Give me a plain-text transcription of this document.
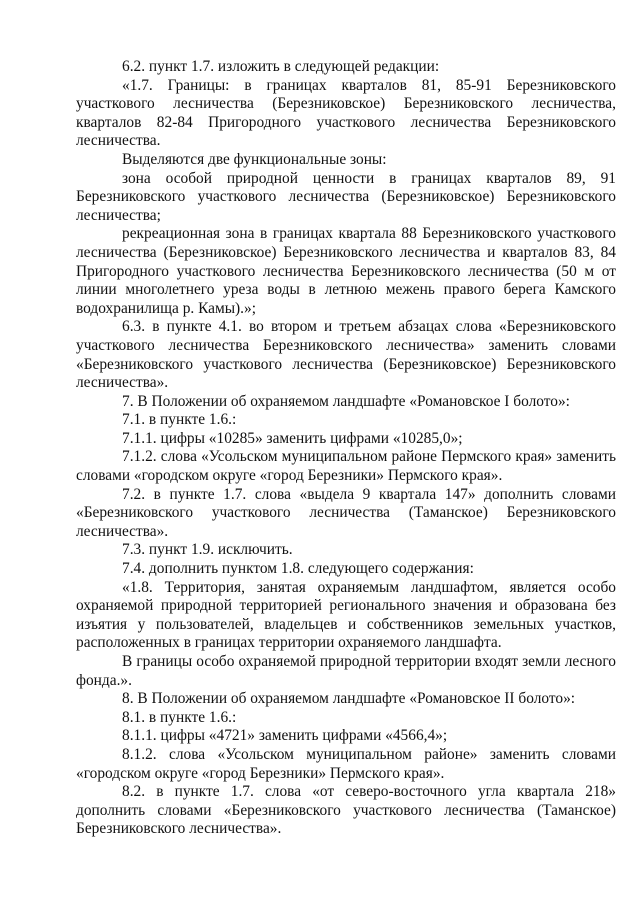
6.2. пункт 1.7. изложить в следующей редакции:

«1.7. Границы: в границах кварталов 81, 85-91 Березниковского участкового лесничества (Березниковское) Березниковского лесничества, кварталов 82-84 Пригородного участкового лесничества Березниковского лесничества.

Выделяются две функциональные зоны:

зона особой природной ценности в границах кварталов 89, 91 Березниковского участкового лесничества (Березниковское) Березниковского лесничества;

рекреационная зона в границах квартала 88 Березниковского участкового лесничества (Березниковское) Березниковского лесничества и кварталов 83, 84 Пригородного участкового лесничества Березниковского лесничества (50 м от линии многолетнего уреза воды в летнюю межень правого берега Камского водохранилища р. Камы).»;

6.3. в пункте 4.1. во втором и третьем абзацах слова «Березниковского участкового лесничества Березниковского лесничества» заменить словами «Березниковского участкового лесничества (Березниковское) Березниковского лесничества».

7. В Положении об охраняемом ландшафте «Романовское I болото»:

7.1. в пункте 1.6.:

7.1.1. цифры «10285» заменить цифрами «10285,0»;

7.1.2. слова «Усольском муниципальном районе Пермского края» заменить словами «городском округе «город Березники» Пермского края».

7.2. в пункте 1.7. слова «выдела 9 квартала 147» дополнить словами «Березниковского участкового лесничества (Таманское) Березниковского лесничества».

7.3. пункт 1.9. исключить.

7.4. дополнить пунктом 1.8. следующего содержания:

«1.8. Территория, занятая охраняемым ландшафтом, является особо охраняемой природной территорией регионального значения и образована без изъятия у пользователей, владельцев и собственников земельных участков, расположенных в границах территории охраняемого ландшафта.

В границы особо охраняемой природной территории входят земли лесного фонда.».

8. В Положении об охраняемом ландшафте «Романовское II болото»:

8.1. в пункте 1.6.:

8.1.1. цифры «4721» заменить цифрами «4566,4»;

8.1.2. слова «Усольском муниципальном районе» заменить словами «городском округе «город Березники» Пермского края».

8.2. в пункте 1.7. слова «от северо-восточного угла квартала 218» дополнить словами «Березниковского участкового лесничества (Таманское) Березниковского лесничества».
